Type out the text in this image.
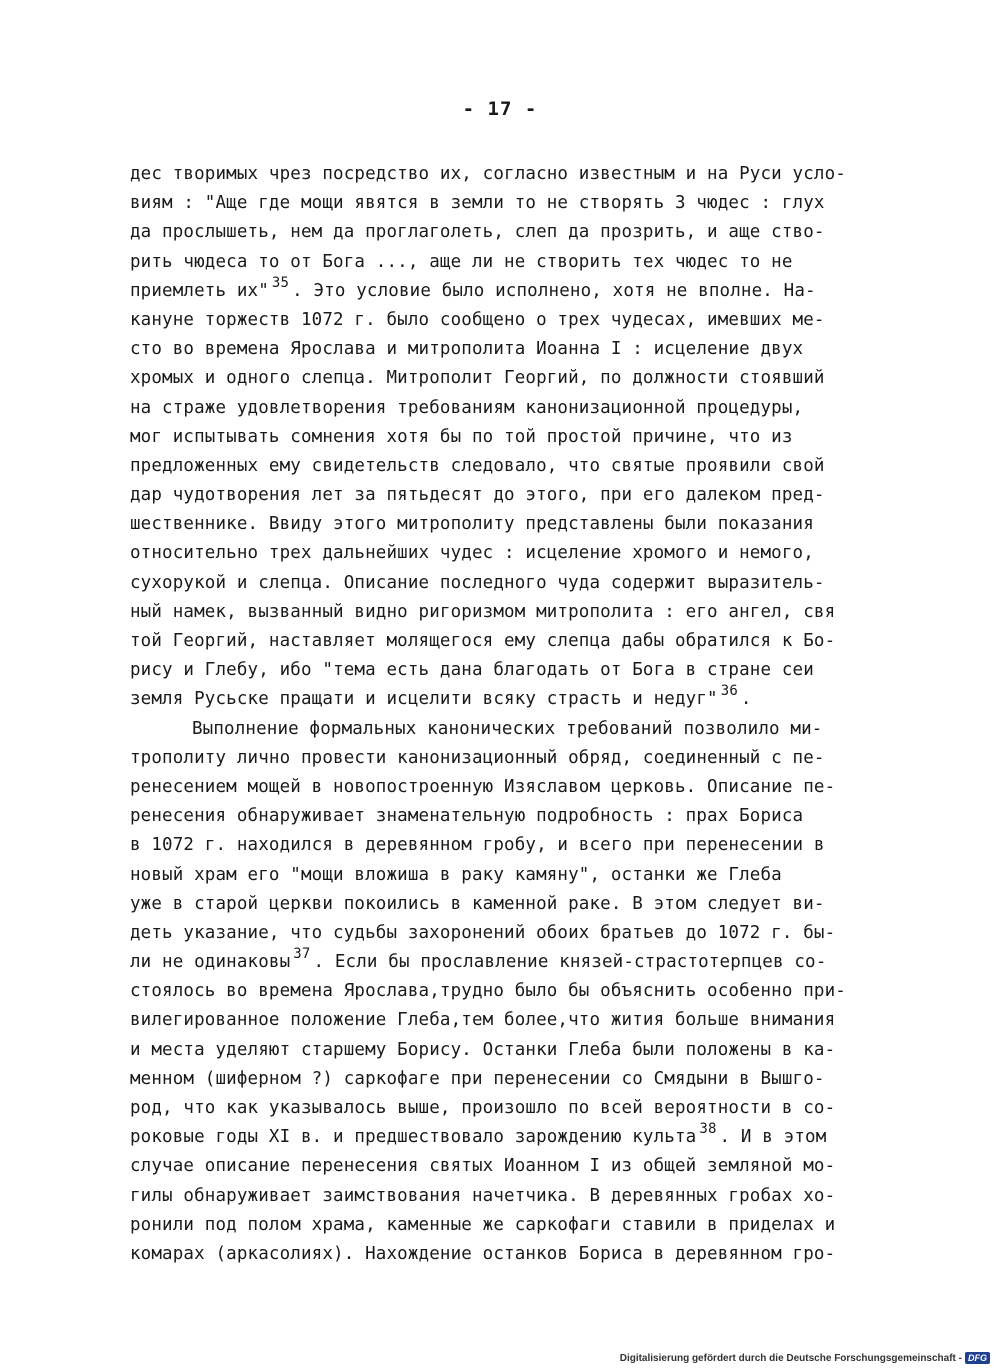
- 17 -
дес творимых чрез посредство их, согласно известным и на Руси усло-
виям : "Аще где мощи явятся в земли то не створять 3 чюдес : глух
да прослышеть, нем да проглаголеть, слеп да прозрить, и аще ство-
рить чюдеса то от Бога ..., аще ли не створить тех чюдес то не
приемлеть их" $^{35}$ . Это условие было исполнено, хотя не вполне. На-
кануне торжеств 1072 г. было сообщено о трех чудесах, имевших ме-
сто во времена Ярослава и митрополита Иоанна I : исцеление двух
хромых и одного слепца. Митрополит Георгий, по должности стоявший
на страже удовлетворения требованиям канонизационной процедуры,
мог испытывать сомнения хотя бы по той простой причине, что из
предложенных ему свидетельств следовало, что святые проявили свой
дар чудотворения лет за пятьдесят до этого, при его далеком пред-
шественнике. Ввиду этого митрополиту представлены были показания
относительно трех дальнейших чудес : исцеление хромого и немого,
сухорукой и слепца. Описание последного чуда содержит выразитель-
ный намек, вызванный видно ригоризмом митрополита : его ангел, свя
той Георгий, наставляет молящегося ему слепца дабы обратился к Бо-
рису и Глебу, ибо "тема есть дана благодать от Бога в стране сеи
земля Русьске пращати и исцелити всяку страсть и недуг" $^{36}$ .
Выполнение формальных канонических требований позволило ми-
трополиту лично провести канонизационный обряд, соединенный с пе-
ренесением мощей в новопостроенную Изяславом церковь. Описание пе-
ренесения обнаруживает знаменательную подробность : прах Бориса
в 1072 г. находился в деревянном гробу, и всего при перенесении в
новый храм его "мощи вложиша в раку камяну", останки же Глеба
уже в старой церкви покоились в каменной раке. В этом следует ви-
деть указание, что судьбы захоронений обоих братьев до 1072 г. бы-
ли не одинаковы $^{37}$ . Если бы прославление князей-страстотерпцев со-
стоялось во времена Ярослава,трудно было бы объяснить особенно при-
вилегированное положение Глеба,тем более,что жития больше внимания
и места уделяют старшему Борису. Останки Глеба были положены в ка-
менном (шиферном ?) саркофаге при перенесении со Смядыни в Вышго-
род, что как указывалось выше, произошло по всей вероятности в со-
роковые годы XI в. и предшествовало зарождению культа $^{38}$ . И в этом
случае описание перенесения святых Иоанном I из общей земляной мо-
гилы обнаруживает заимствования начетчика. В деревянных гробах хо-
ронили под полом храма, каменные же саркофаги ставили в приделах и
комарах (аркасолиях). Нахождение останков Бориса в деревянном гро-
Digitalisierung gefördert durch die Deutsche Forschungsgemeinschaft - DFG
